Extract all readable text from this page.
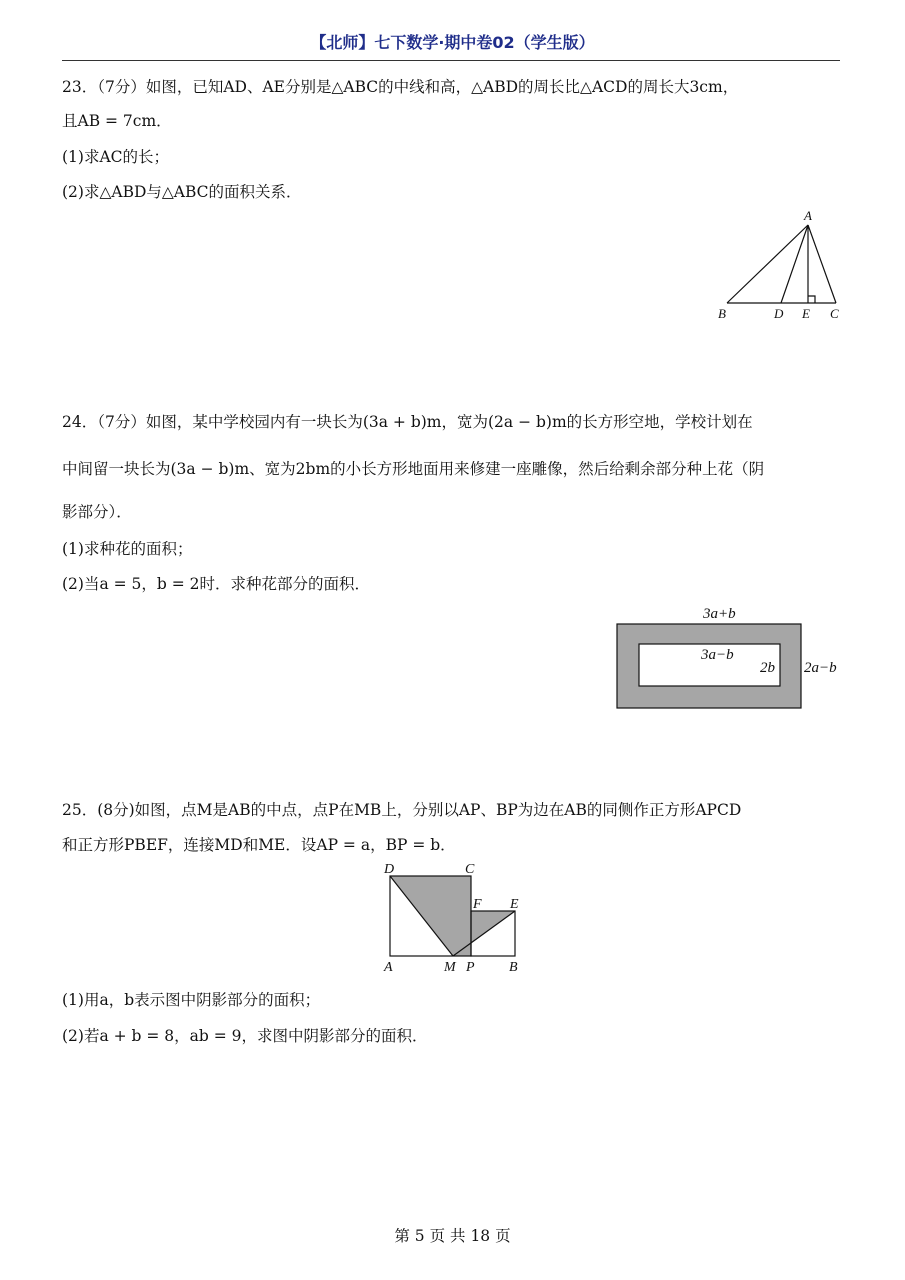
【北师】七下数学·期中卷02（学生版）
23．（7分）如图，已知AD、AE分别是△ABC的中线和高，△ABD的周长比△ACD的周长大3cm，
且AB = 7cm．
(1)求AC的长；
(2)求△ABD与△ABC的面积关系．
A
B	D E C
24．（7分）如图，某中学校园内有一块长为(3a + b)m，宽为(2a − b)m的长方形空地，学校计划在
中间留一块长为(3a − b)m、宽为2bm的小长方形地面用来修建一座雕像，然后给剩余部分种上花（阴
影部分）．
(1)求种花的面积；
(2)当a = 5，b = 2时．求种花部分的面积．
3a+b
2a−b
3a−b
2b
25．(8分)如图，点M是AB的中点，点P在MB上，分别以AP、BP为边在AB的同侧作正方形APCD
和正方形PBEF，连接MD和ME．设AP = a，BP = b．
D	C
F E
A	M P B
(1)用a，b表示图中阴影部分的面积；
(2)若a + b = 8，ab = 9，求图中阴影部分的面积．
第 5 页 共 18 页
